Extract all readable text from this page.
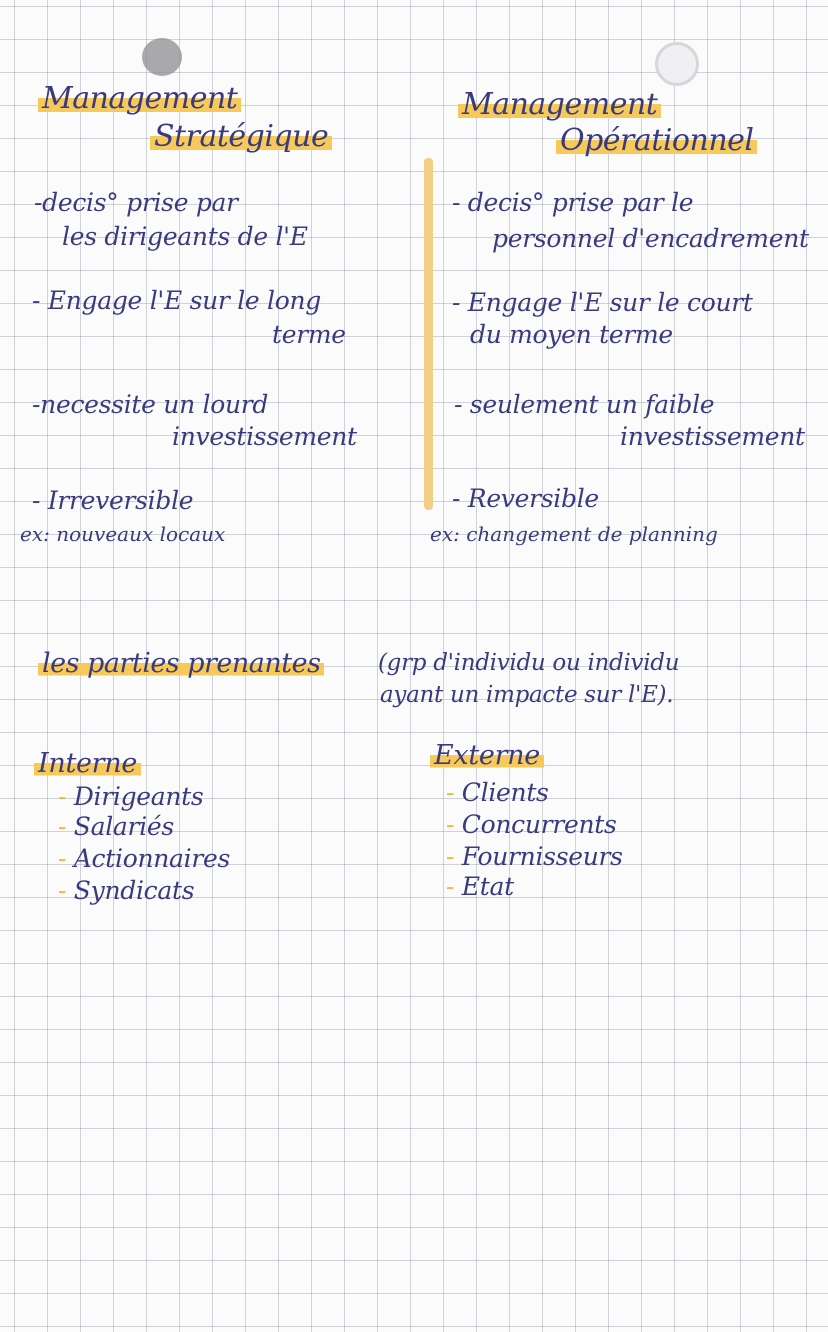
Management
Stratégique
-decis° prise par
les dirigeants de l'E
- Engage l'E sur le long
terme
-necessite un lourd
investissement
- Irreversible
ex: nouveaux locaux
Management
Opérationnel
- decis° prise par le
personnel d'encadrement
- Engage l'E sur le court
du moyen terme
- seulement un faible
investissement
- Reversible
ex: changement de planning
les parties prenantes	(grp d'individu ou individu
ayant un impacte sur l'E).
Interne
- Dirigeants
- Salariés
- Actionnaires
- Syndicats
Externe
- Clients
- Concurrents
- Fournisseurs
- Etat
